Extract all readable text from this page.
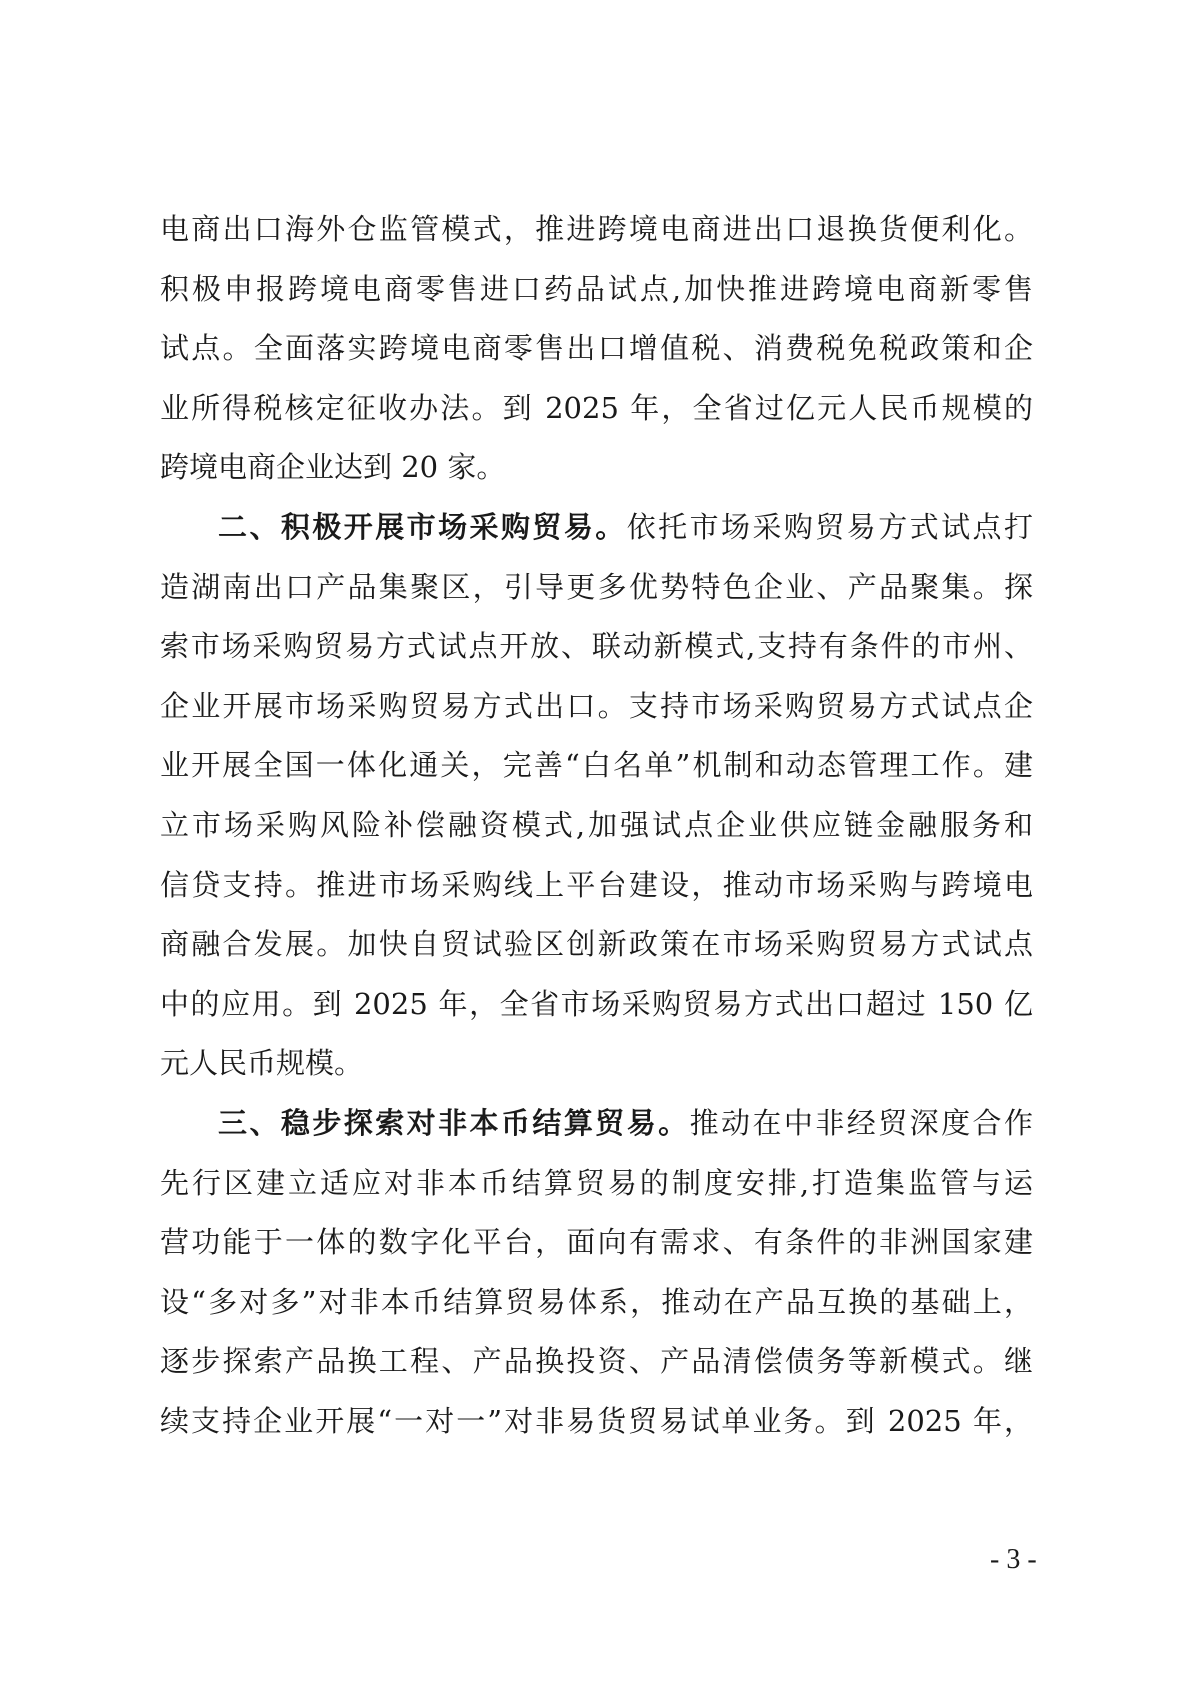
电商出口海外仓监管模式，推进跨境电商进出口退换货便利化。
积极申报跨境电商零售进口药品试点,加快推进跨境电商新零售
试点。全面落实跨境电商零售出口增值税、消费税免税政策和企
业所得税核定征收办法。到 2025 年，全省过亿元人民币规模的
跨境电商企业达到 20 家。
二、积极开展市场采购贸易。依托市场采购贸易方式试点打
造湖南出口产品集聚区，引导更多优势特色企业、产品聚集。探
索市场采购贸易方式试点开放、联动新模式,支持有条件的市州、
企业开展市场采购贸易方式出口。支持市场采购贸易方式试点企
业开展全国一体化通关，完善“白名单”机制和动态管理工作。建
立市场采购风险补偿融资模式,加强试点企业供应链金融服务和
信贷支持。推进市场采购线上平台建设，推动市场采购与跨境电
商融合发展。加快自贸试验区创新政策在市场采购贸易方式试点
中的应用。到 2025 年，全省市场采购贸易方式出口超过 150 亿
元人民币规模。
三、稳步探索对非本币结算贸易。推动在中非经贸深度合作
先行区建立适应对非本币结算贸易的制度安排,打造集监管与运
营功能于一体的数字化平台，面向有需求、有条件的非洲国家建
设“多对多”对非本币结算贸易体系，推动在产品互换的基础上，
逐步探索产品换工程、产品换投资、产品清偿债务等新模式。继
续支持企业开展“一对一”对非易货贸易试单业务。到 2025 年，
- 3 -
